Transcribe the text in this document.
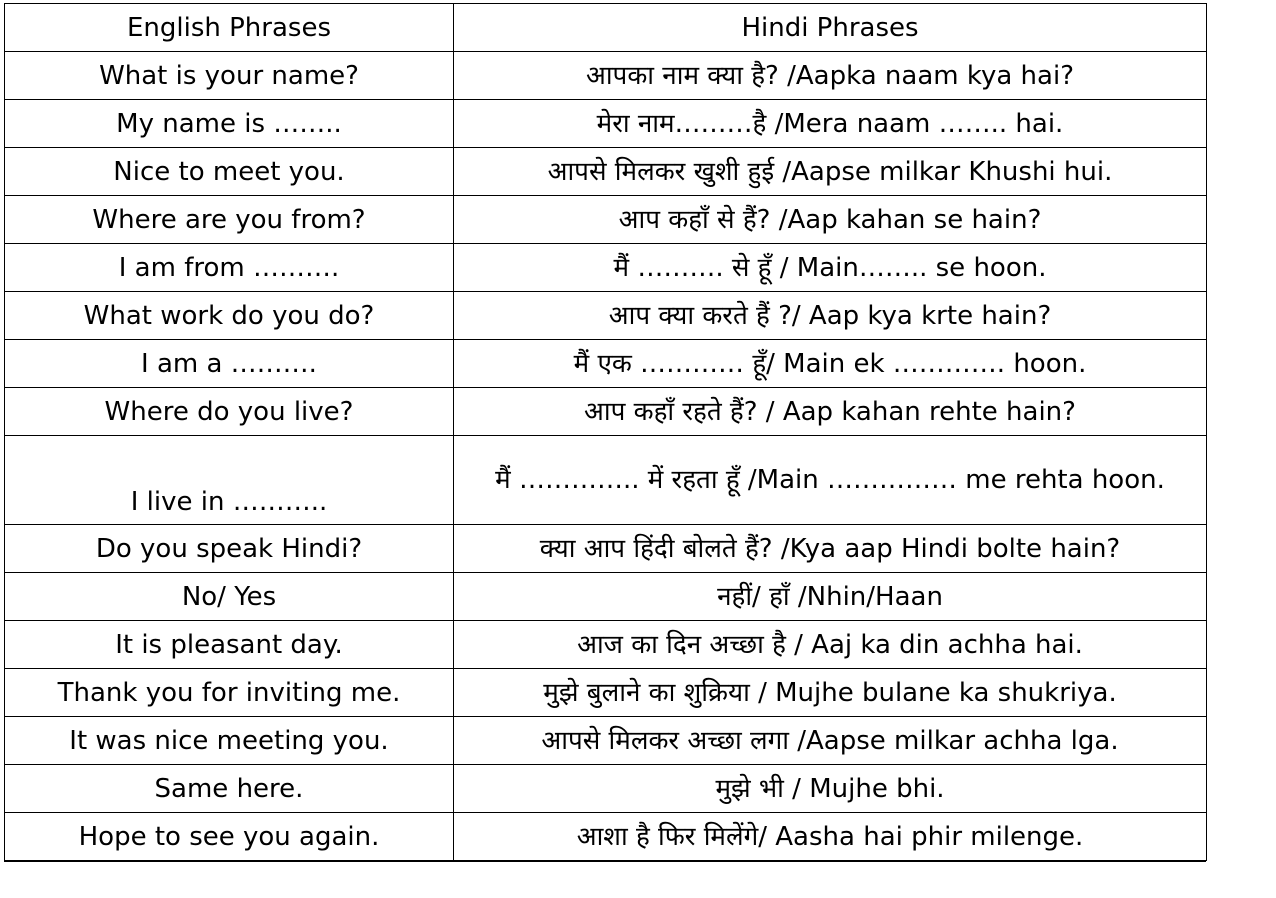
English Phrases	Hindi Phrases
What is your name?	आपका नाम क्या है? /Aapka naam kya hai?
My name is ……..	मेरा नाम………है /Mera naam …….. hai.
Nice to meet you.	आपसे मिलकर खुशी हुई /Aapse milkar Khushi hui.
Where are you from?	आप कहाँ से हैं? /Aap kahan se hain?
I am from ……….	मैं ………. से हूँ / Main…….. se hoon.
What work do you do?	आप क्या करते हैं ?/ Aap kya krte hain?
I am a ……….	मैं एक ………… हूँ/ Main ek …………. hoon.
Where do you live?	आप कहाँ रहते हैं? / Aap kahan rehte hain?
I live in ………..	मैं ………….. में रहता हूँ /Main …………… me rehta hoon.
Do you speak Hindi?	क्या आप हिंदी बोलते हैं? /Kya aap Hindi bolte hain?
No/ Yes	नहीं/ हाँ /Nhin/Haan
It is pleasant day.	आज का दिन अच्छा है / Aaj ka din achha hai.
Thank you for inviting me.	मुझे बुलाने का शुक्रिया / Mujhe bulane ka shukriya.
It was nice meeting you.	आपसे मिलकर अच्छा लगा /Aapse milkar achha lga.
Same here.	मुझे भी / Mujhe bhi.
Hope to see you again.	आशा है फिर मिलेंगे/ Aasha hai phir milenge.
